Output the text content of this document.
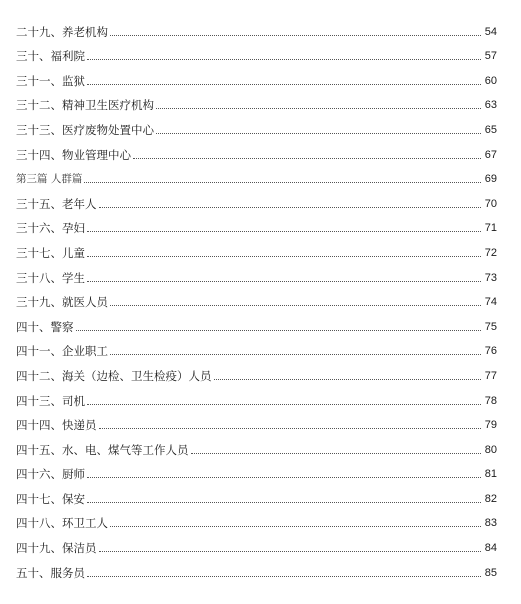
二十九、养老机构	54
三十、福利院	57
三十一、监狱	60
三十二、精神卫生医疗机构	63
三十三、医疗废物处置中心	65
三十四、物业管理中心	67
第三篇 人群篇	69
三十五、老年人	70
三十六、孕妇	71
三十七、儿童	72
三十八、学生	73
三十九、就医人员	74
四十、警察	75
四十一、企业职工	76
四十二、海关（边检、卫生检疫）人员	77
四十三、司机	78
四十四、快递员	79
四十五、水、电、煤气等工作人员	80
四十六、厨师	81
四十七、保安	82
四十八、环卫工人	83
四十九、保洁员	84
五十、服务员	85
